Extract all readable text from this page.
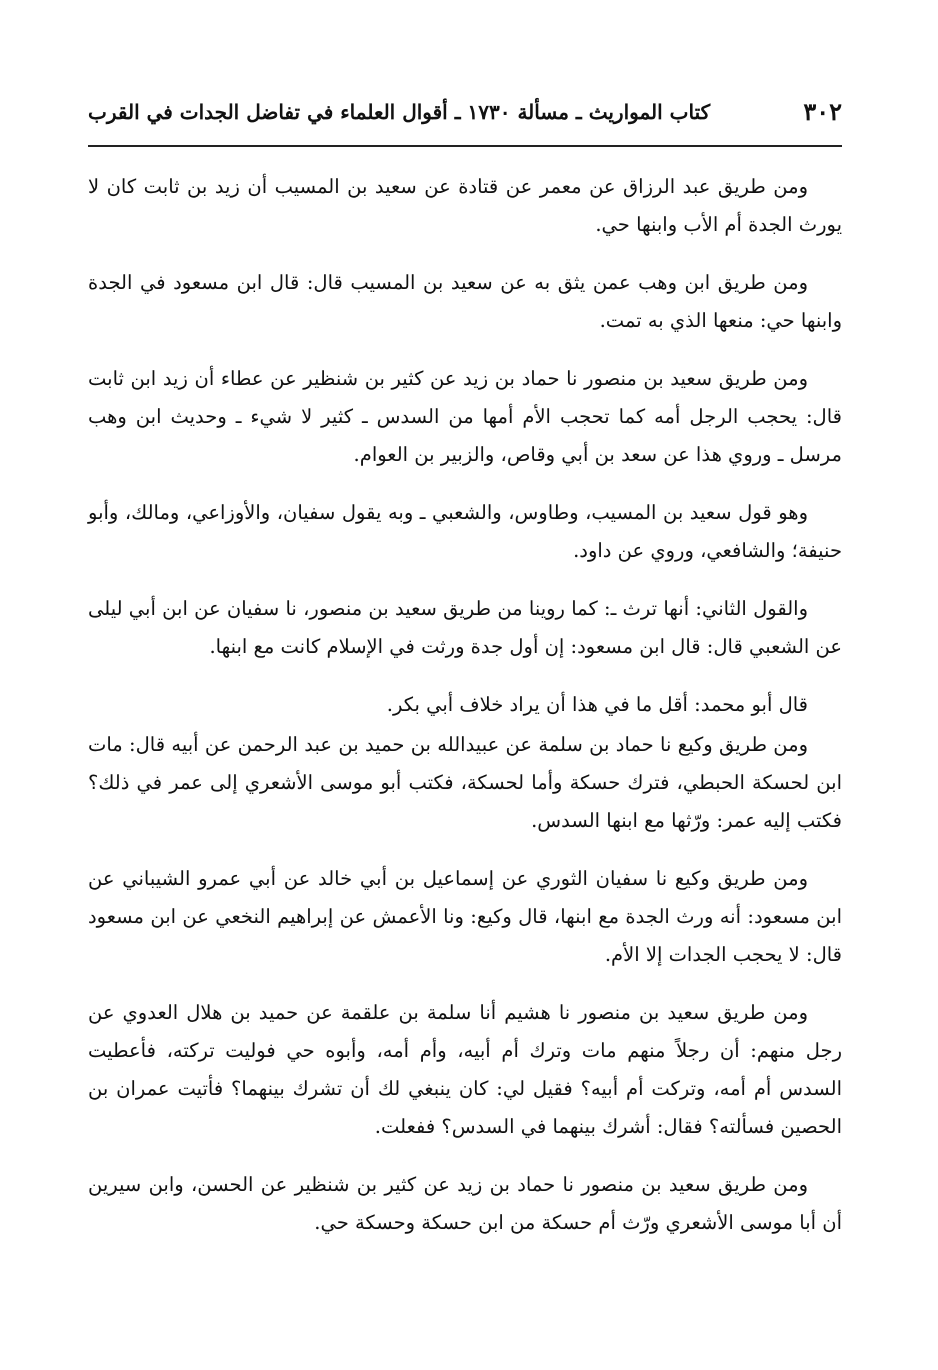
٣٠٢
كتاب المواريث ـ مسألة ١٧٣٠ ـ أقوال العلماء في تفاضل الجدات في القرب

ومن طريق عبد الرزاق عن معمر عن قتادة عن سعيد بن المسيب أن زيد بن ثابت كان لا يورث الجدة أم الأب وابنها حي.

ومن طريق ابن وهب عمن يثق به عن سعيد بن المسيب قال: قال ابن مسعود في الجدة وابنها حي: منعها الذي به تمت.

ومن طريق سعيد بن منصور نا حماد بن زيد عن كثير بن شنظير عن عطاء أن زيد ابن ثابت قال: يحجب الرجل أمه كما تحجب الأم أمها من السدس ـ كثير لا شيء ـ وحديث ابن وهب مرسل ـ وروي هذا عن سعد بن أبي وقاص، والزبير بن العوام.

وهو قول سعيد بن المسيب، وطاوس، والشعبي ـ وبه يقول سفيان، والأوزاعي، ومالك، وأبو حنيفة؛ والشافعي، وروي عن داود.

والقول الثاني: أنها ترث ـ: كما روينا من طريق سعيد بن منصور، نا سفيان عن ابن أبي ليلى عن الشعبي قال: قال ابن مسعود: إن أول جدة ورثت في الإسلام كانت مع ابنها.

قال أبو محمد: أقل ما في هذا أن يراد خلاف أبي بكر.

ومن طريق وكيع نا حماد بن سلمة عن عبيدالله بن حميد بن عبد الرحمن عن أبيه قال: مات ابن لحسكة الحبطي، فترك حسكة وأما لحسكة، فكتب أبو موسى الأشعري إلى عمر في ذلك؟ فكتب إليه عمر: ورّثها مع ابنها السدس.

ومن طريق وكيع نا سفيان الثوري عن إسماعيل بن أبي خالد عن أبي عمرو الشيباني عن ابن مسعود: أنه ورث الجدة مع ابنها، قال وكيع: ونا الأعمش عن إبراهيم النخعي عن ابن مسعود قال: لا يحجب الجدات إلا الأم.

ومن طريق سعيد بن منصور نا هشيم أنا سلمة بن علقمة عن حميد بن هلال العدوي عن رجل منهم: أن رجلاً منهم مات وترك أم أبيه، وأم أمه، وأبوه حي فوليت تركته، فأعطيت السدس أم أمه، وتركت أم أبيه؟ فقيل لي: كان ينبغي لك أن تشرك بينهما؟ فأتيت عمران بن الحصين فسألته؟ فقال: أشرك بينهما في السدس؟ ففعلت.

ومن طريق سعيد بن منصور نا حماد بن زيد عن كثير بن شنظير عن الحسن، وابن سيرين أن أبا موسى الأشعري ورّث أم حسكة من ابن حسكة وحسكة حي.
